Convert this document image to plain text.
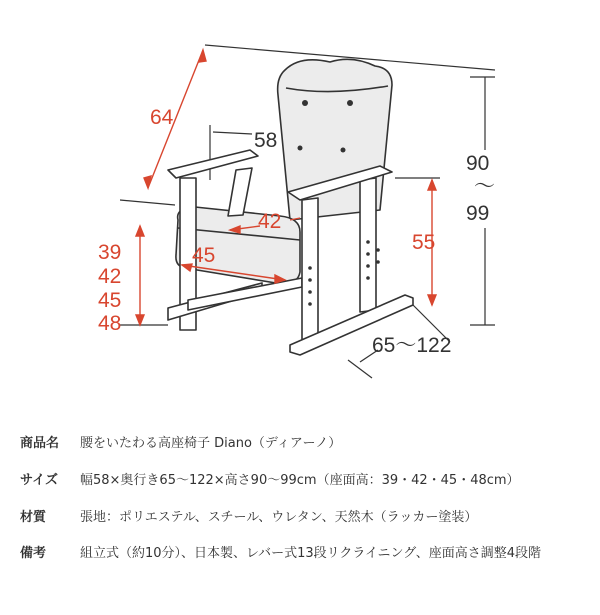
64
58
90
〜
99
42
55
45
39
42
45
48
65〜122
商品名 腰をいたわる高座椅子 Diano（ディアーノ）
サイズ 幅58×奥行き65〜122×高さ90〜99cm（座面高：39・42・45・48cm）
材質	張地：ポリエステル、スチール、ウレタン、天然木（ラッカー塗装）
備考	組立式（約10分）、日本製、レバー式13段リクライニング、座面高さ調整4段階
